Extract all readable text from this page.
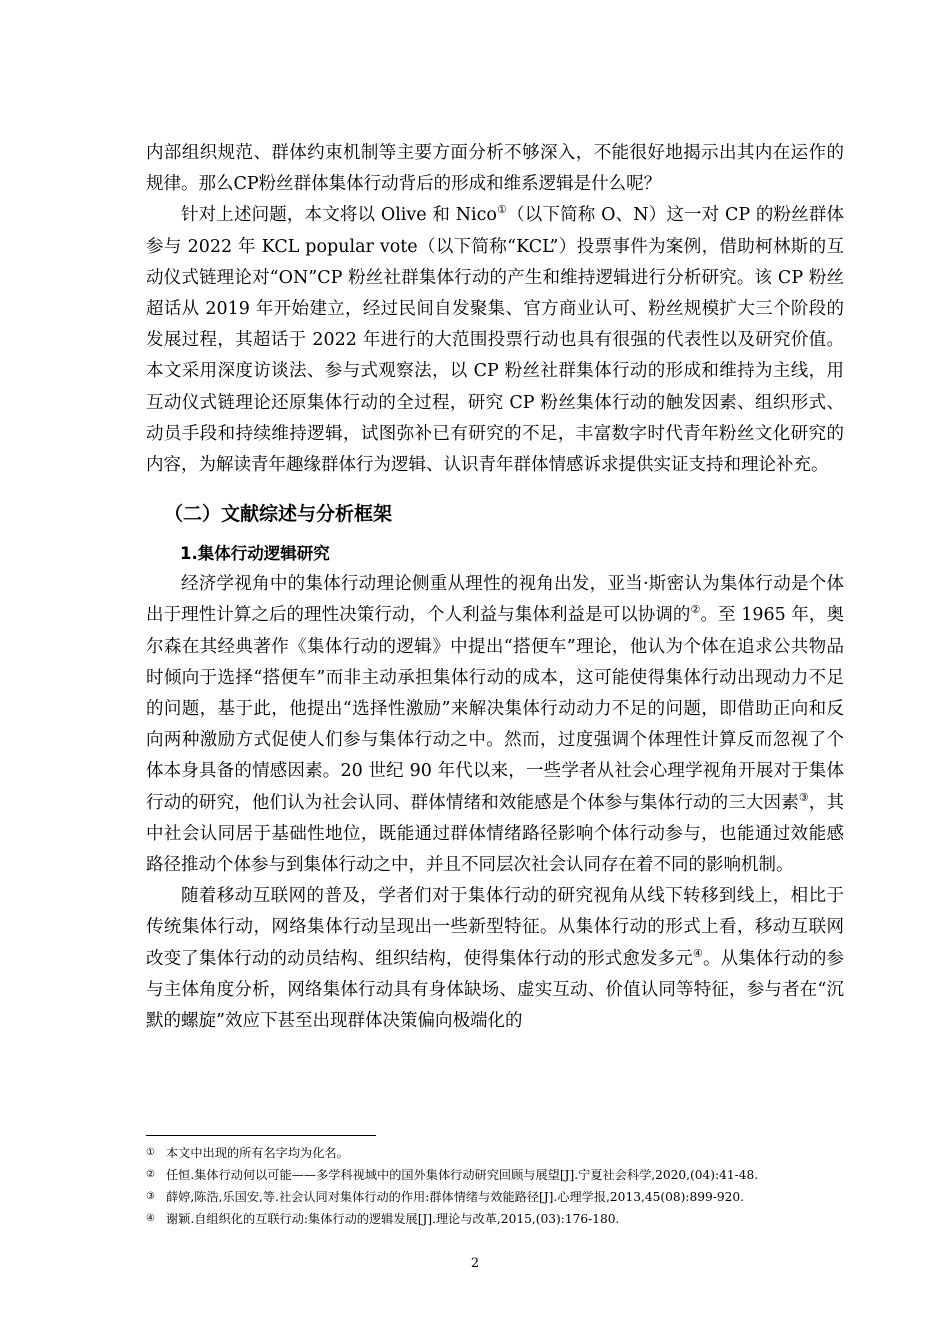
内部组织规范、群体约束机制等主要方面分析不够深入，不能很好地揭示出其内在运作的规律。那么CP粉丝群体集体行动背后的形成和维系逻辑是什么呢？

针对上述问题，本文将以 Olive 和 Nico①（以下简称 O、N）这一对 CP 的粉丝群体参与 2022 年 KCL popular vote（以下简称“KCL”）投票事件为案例，借助柯林斯的互动仪式链理论对“ON”CP 粉丝社群集体行动的产生和维持逻辑进行分析研究。该 CP 粉丝超话从 2019 年开始建立，经过民间自发聚集、官方商业认可、粉丝规模扩大三个阶段的发展过程，其超话于 2022 年进行的大范围投票行动也具有很强的代表性以及研究价值。本文采用深度访谈法、参与式观察法，以 CP 粉丝社群集体行动的形成和维持为主线，用互动仪式链理论还原集体行动的全过程，研究 CP 粉丝集体行动的触发因素、组织形式、动员手段和持续维持逻辑，试图弥补已有研究的不足，丰富数字时代青年粉丝文化研究的内容，为解读青年趣缘群体行为逻辑、认识青年群体情感诉求提供实证支持和理论补充。

（二）文献综述与分析框架
1.集体行动逻辑研究

经济学视角中的集体行动理论侧重从理性的视角出发，亚当·斯密认为集体行动是个体出于理性计算之后的理性决策行动，个人利益与集体利益是可以协调的②。至 1965 年，奥尔森在其经典著作《集体行动的逻辑》中提出“搭便车”理论，他认为个体在追求公共物品时倾向于选择“搭便车”而非主动承担集体行动的成本，这可能使得集体行动出现动力不足的问题，基于此，他提出“选择性激励”来解决集体行动动力不足的问题，即借助正向和反向两种激励方式促使人们参与集体行动之中。然而，过度强调个体理性计算反而忽视了个体本身具备的情感因素。20 世纪 90 年代以来，一些学者从社会心理学视角开展对于集体行动的研究，他们认为社会认同、群体情绪和效能感是个体参与集体行动的三大因素③，其中社会认同居于基础性地位，既能通过群体情绪路径影响个体行动参与，也能通过效能感路径推动个体参与到集体行动之中，并且不同层次社会认同存在着不同的影响机制。

随着移动互联网的普及，学者们对于集体行动的研究视角从线下转移到线上，相比于传统集体行动，网络集体行动呈现出一些新型特征。从集体行动的形式上看，移动互联网改变了集体行动的动员结构、组织结构，使得集体行动的形式愈发多元④。从集体行动的参与主体角度分析，网络集体行动具有身体缺场、虚实互动、价值认同等特征，参与者在“沉默的螺旋”效应下甚至出现群体决策偏向极端化的

① 本文中出现的所有名字均为化名。
② 任恒.集体行动何以可能——多学科视域中的国外集体行动研究回顾与展望[J].宁夏社会科学,2020,(04):41-48.
③ 薛婷,陈浩,乐国安,等.社会认同对集体行动的作用:群体情绪与效能路径[J].心理学报,2013,45(08):899-920.
④ 谢颖.自组织化的互联行动:集体行动的逻辑发展[J].理论与改革,2015,(03):176-180.
2
